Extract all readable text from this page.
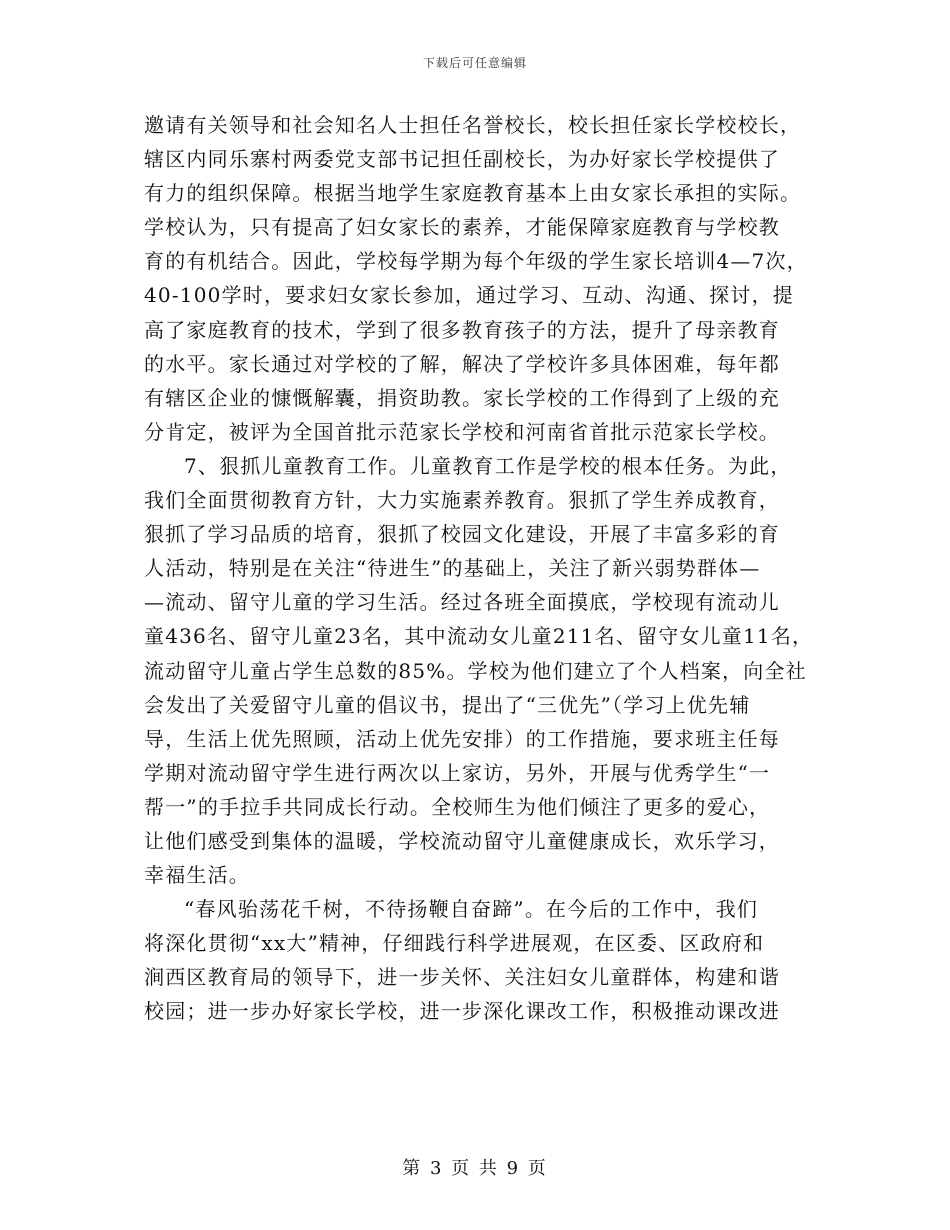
下载后可任意编辑
邀请有关领导和社会知名人士担任名誉校长，校长担任家长学校校长，
辖区内同乐寨村两委党支部书记担任副校长，为办好家长学校提供了
有力的组织保障。根据当地学生家庭教育基本上由女家长承担的实际。
学校认为，只有提高了妇女家长的素养，才能保障家庭教育与学校教
育的有机结合。因此，学校每学期为每个年级的学生家长培训4—7次，
40-100学时，要求妇女家长参加，通过学习、互动、沟通、探讨，提
高了家庭教育的技术，学到了很多教育孩子的方法，提升了母亲教育
的水平。家长通过对学校的了解，解决了学校许多具体困难，每年都
有辖区企业的慷慨解囊，捐资助教。家长学校的工作得到了上级的充
分肯定，被评为全国首批示范家长学校和河南省首批示范家长学校。
7、狠抓儿童教育工作。儿童教育工作是学校的根本任务。为此，
我们全面贯彻教育方针，大力实施素养教育。狠抓了学生养成教育，
狠抓了学习品质的培育，狠抓了校园文化建设，开展了丰富多彩的育
人活动，特别是在关注“待进生”的基础上，关注了新兴弱势群体—
—流动、留守儿童的学习生活。经过各班全面摸底，学校现有流动儿
童436名、留守儿童23名，其中流动女儿童211名、留守女儿童11名，
流动留守儿童占学生总数的85%。学校为他们建立了个人档案，向全社
会发出了关爱留守儿童的倡议书，提出了“三优先”（学习上优先辅
导，生活上优先照顾，活动上优先安排）的工作措施，要求班主任每
学期对流动留守学生进行两次以上家访，另外，开展与优秀学生“一
帮一”的手拉手共同成长行动。全校师生为他们倾注了更多的爱心，
让他们感受到集体的温暖，学校流动留守儿童健康成长，欢乐学习，
幸福生活。
“春风骀荡花千树，不待扬鞭自奋蹄”。在今后的工作中，我们
将深化贯彻“xx大”精神，仔细践行科学进展观，在区委、区政府和
涧西区教育局的领导下，进一步关怀、关注妇女儿童群体，构建和谐
校园；进一步办好家长学校，进一步深化课改工作，积极推动课改进
第 3 页 共 9 页
